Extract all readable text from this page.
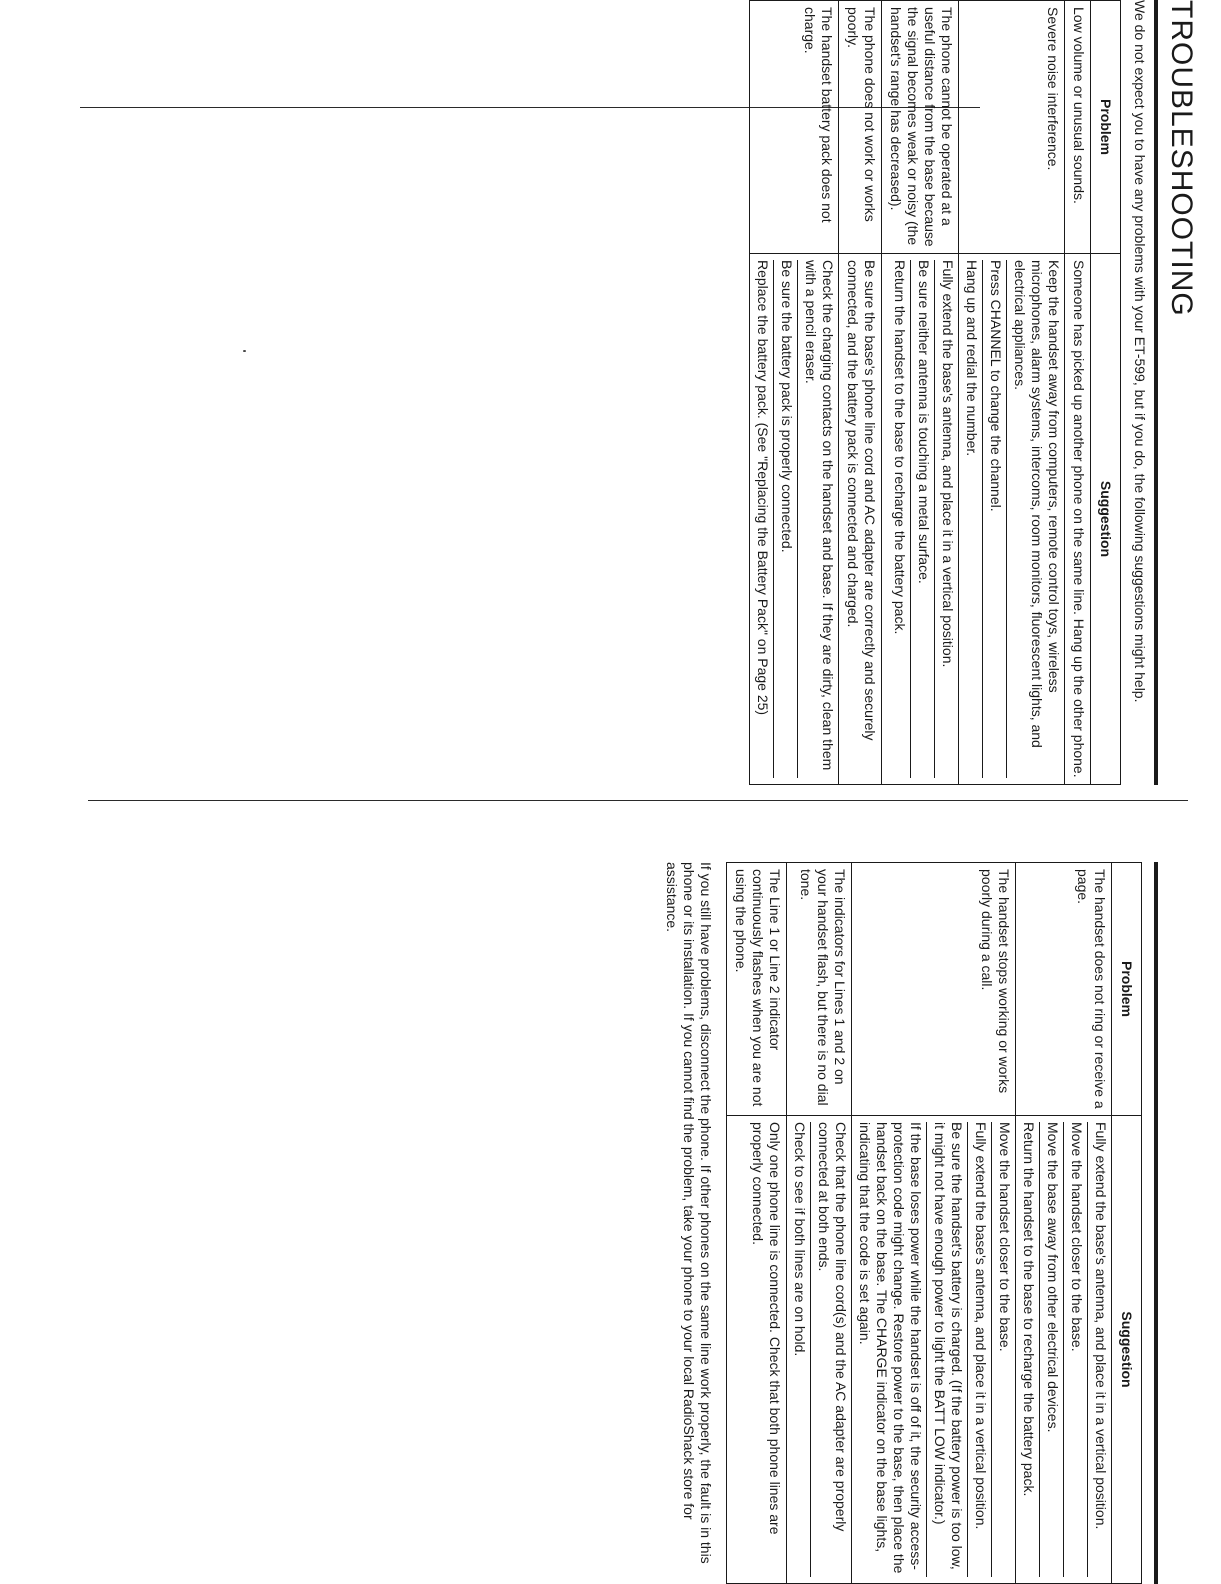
TROUBLESHOOTING

We do not expect you to have any problems with your ET-599, but if you do, the following suggestions might help.

Problem	Suggestion
Low volume or unusual sounds.	Someone has picked up another phone on the same line. Hang up the other phone.
Severe noise interference.	Keep the handset away from computers, remote control toys, wireless microphones, alarm systems, intercoms, room monitors, fluorescent lights, and electrical appliances.
Press CHANNEL to change the channel.
Hang up and redial the number.

The phone cannot be operated at a useful distance from the base because the signal becomes weak or noisy (the handset's range has decreased).	Fully extend the base's antenna, and place it in a vertical position.
Be sure neither antenna is touching a metal surface.
Return the handset to the base to recharge the battery pack.

The phone does not work or works poorly.	Be sure the base's phone line cord and AC adapter are correctly and securely connected, and the battery pack is connected and charged.
The handset battery pack does not charge.	Check the charging contacts on the handset and base. If they are dirty, clean them with a pencil eraser.
Be sure the battery pack is properly connected.
Replace the battery pack. (See "Replacing the Battery Pack" on Page 25)
Problem	Suggestion
The handset does not ring or receive a page.	Fully extend the base's antenna, and place it in a vertical position.
Move the handset closer to the base.
Move the base away from other electrical devices.
Return the handset to the base to recharge the battery pack.

The handset stops working or works poorly during a call.	Move the handset closer to the base.
Fully extend the base's antenna, and place it in a vertical position.
Be sure the handset's battery is charged. (If the battery power is too low, it might not have enough power to light the BATT LOW indicator.)
If the base loses power while the handset is off of it, the security access-protection code might change. Restore power to the base, then place the handset back on the base. The CHARGE indicator on the base lights, indicating that the code is set again.

The indicators for Lines 1 and 2 on your handset flash, but there is no dial tone.	Check that the phone line cord(s) and the AC adapter are properly connected at both ends.
Check to see if both lines are on hold.

The Line 1 or Line 2 indicator continuously flashes when you are not using the phone.	Only one phone line is connected. Check that both phone lines are properly connected.

If you still have problems, disconnect the phone. If other phones on the same line work properly, the fault is in this phone or its installation. If you cannot find the problem, take your phone to your local RadioShack store for assistance.
